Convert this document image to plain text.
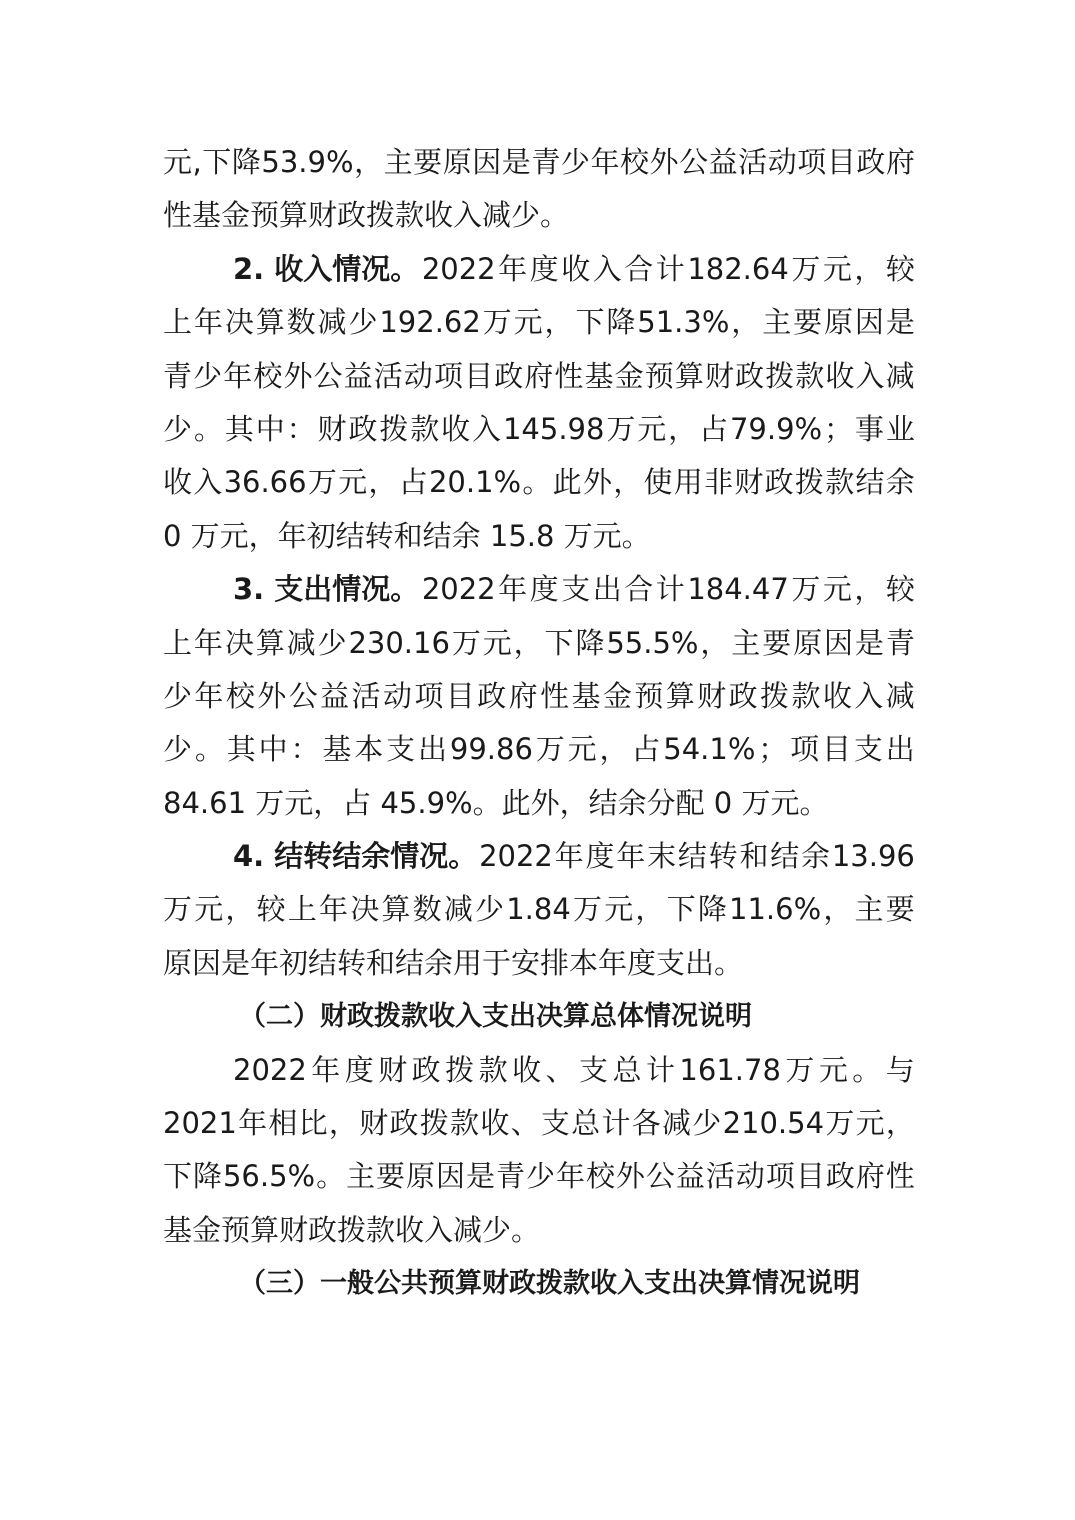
元 , 下 降 53.9% ， 主 要 原 因 是 青 少 年 校 外 公 益 活 动 项 目 政 府
性基金预算财政拨款收入减少。
2. 收入情况。 2022 年 度 收 入 合 计 182.64 万 元 ， 较
上 年 决 算 数 减 少 192.62 万 元 ， 下 降 51.3% ， 主 要 原 因 是
青 少 年 校 外 公 益 活 动 项 目 政 府 性 基 金 预 算 财 政 拨 款 收 入 减
少 。 其 中 ： 财 政 拨 款 收 入 145.98 万 元 ， 占 79.9% ； 事 业
收 入 36.66 万 元 ， 占 20.1% 。 此 外 ， 使 用 非 财 政 拨 款 结 余
0 万元，年初结转和结余 15.8 万元。
3. 支出情况。 2022 年 度 支 出 合 计 184.47 万 元 ， 较
上 年 决 算 减 少 230.16 万 元 ， 下 降 55.5% ， 主 要 原 因 是 青
少 年 校 外 公 益 活 动 项 目 政 府 性 基 金 预 算 财 政 拨 款 收 入 减
少 。 其 中 ： 基 本 支 出 99.86 万 元 ， 占 54.1% ； 项 目 支 出
84.61 万元，占 45.9%。此外，结余分配 0 万元。
4. 结转结余情况。 2022 年 度 年 末 结 转 和 结 余 13.96
万 元 ， 较 上 年 决 算 数 减 少 1.84 万 元 ， 下 降 11.6% ， 主 要
原因是年初结转和结余用于安排本年度支出。
（二）财政拨款收入支出决算总体情况说明
2022 年 度 财 政 拨 款 收 、 支 总 计 161.78 万 元 。 与
2021 年 相 比 ， 财 政 拨 款 收 、 支 总 计 各 减 少 210.54 万 元 ，
下 降 56.5% 。 主 要 原 因 是 青 少 年 校 外 公 益 活 动 项 目 政 府 性
基金预算财政拨款收入减少。
（三）一般公共预算财政拨款收入支出决算情况说明
